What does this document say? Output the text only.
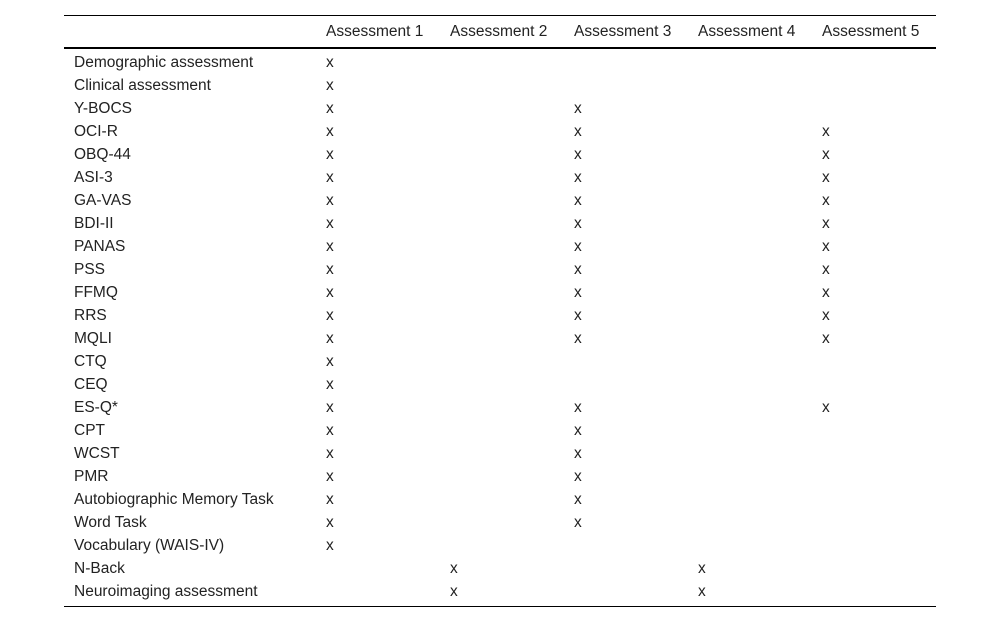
	Assessment 1	Assessment 2	Assessment 3	Assessment 4	Assessment 5
Demographic assessment	x				
Clinical assessment	x				
Y-BOCS	x		x		
OCI-R	x		x		x
OBQ-44	x		x		x
ASI-3	x		x		x
GA-VAS	x		x		x
BDI-II	x		x		x
PANAS	x		x		x
PSS	x		x		x
FFMQ	x		x		x
RRS	x		x		x
MQLI	x		x		x
CTQ	x				
CEQ	x				
ES-Q*	x		x		x
CPT	x		x		
WCST	x		x		
PMR	x		x		
Autobiographic Memory Task	x		x		
Word Task	x		x		
Vocabulary (WAIS-IV)	x				
N-Back		x		x	
Neuroimaging assessment		x		x	
